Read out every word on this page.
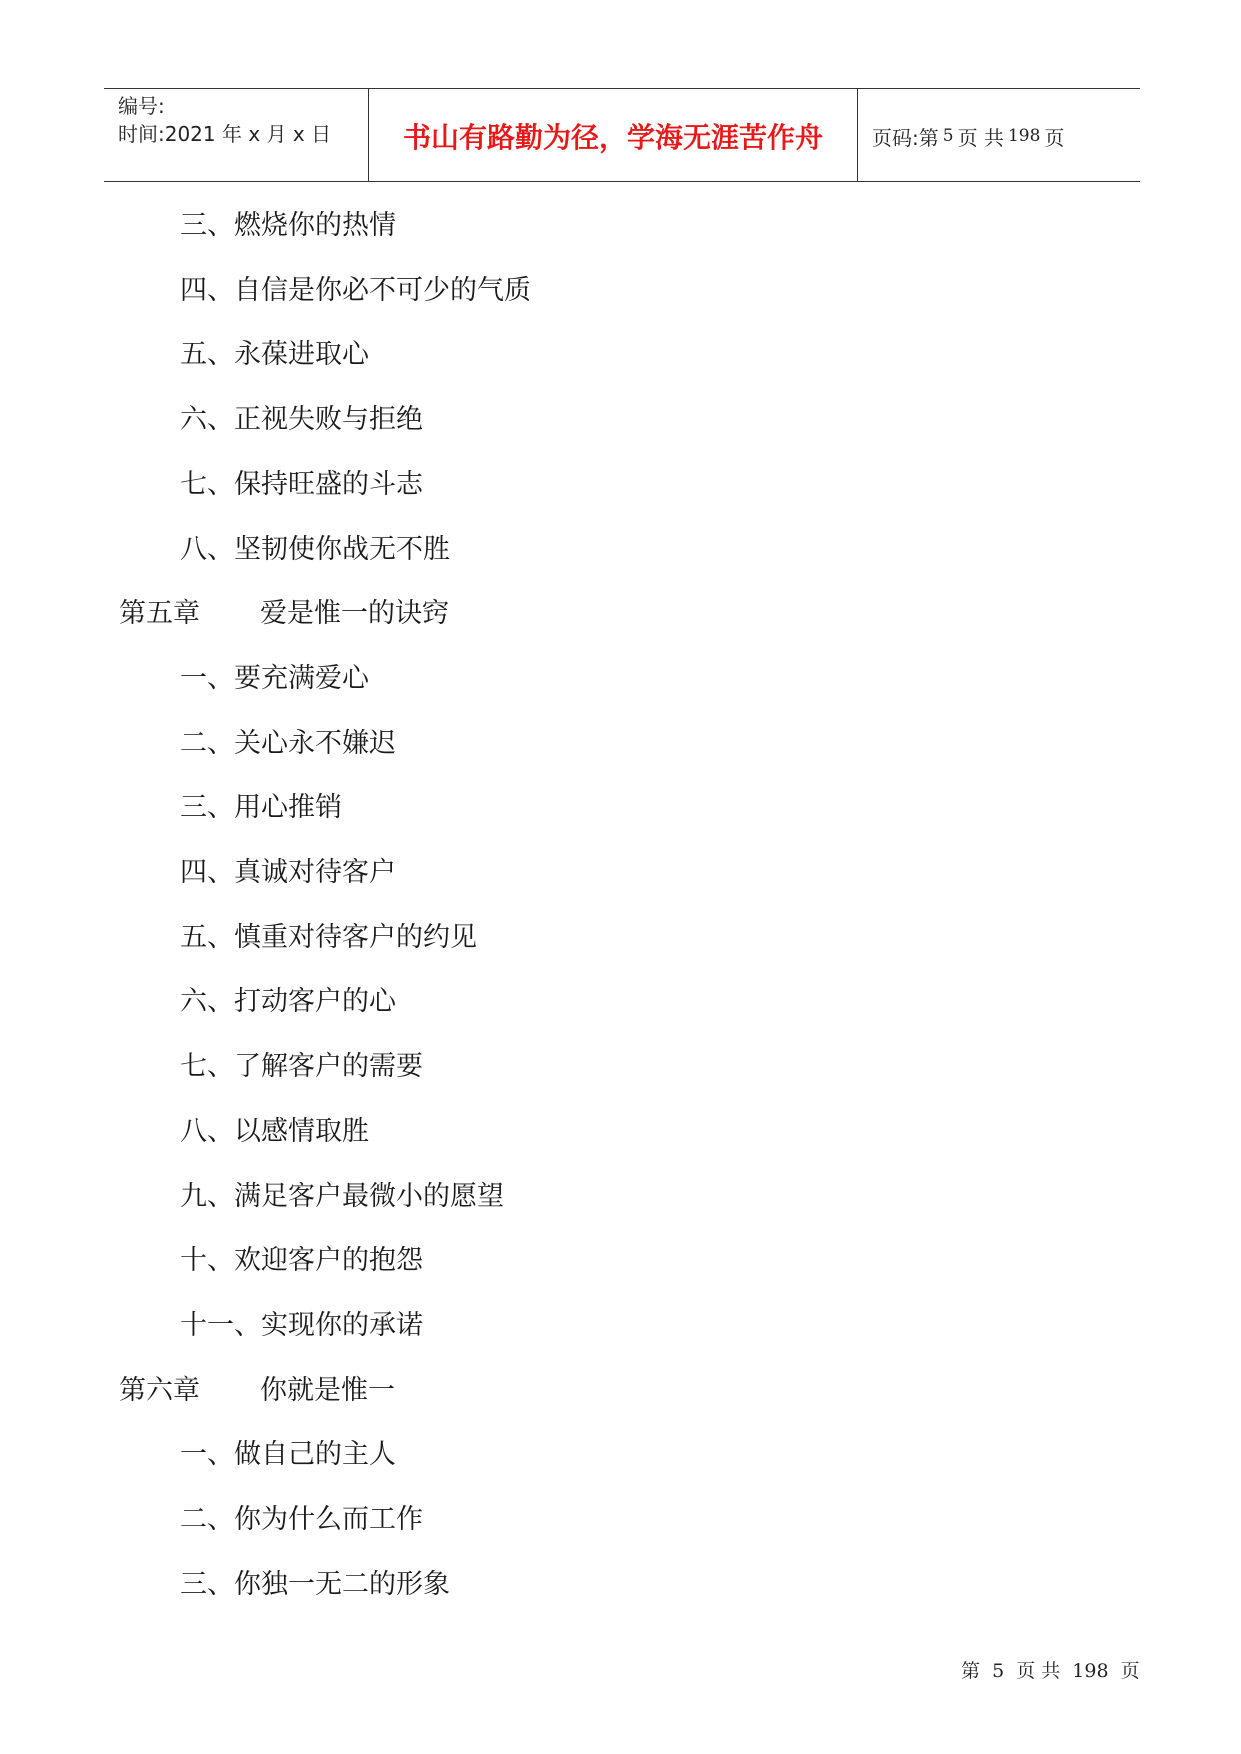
编号:
时间:2021 年 x 月 x 日	书山有路勤为径，学海无涯苦作舟	页码:第 5 页 共 198 页
三、燃烧你的热情
四、自信是你必不可少的气质
五、永葆进取心
六、正视失败与拒绝
七、保持旺盛的斗志
八、坚韧使你战无不胜
第五章 爱是惟一的诀窍
一、要充满爱心
二、关心永不嫌迟
三、用心推销
四、真诚对待客户
五、慎重对待客户的约见
六、打动客户的心
七、了解客户的需要
八、以感情取胜
九、满足客户最微小的愿望
十、欢迎客户的抱怨
十一、实现你的承诺
第六章 你就是惟一
一、做自己的主人
二、你为什么而工作
三、你独一无二的形象
第 5 页 共 198 页
